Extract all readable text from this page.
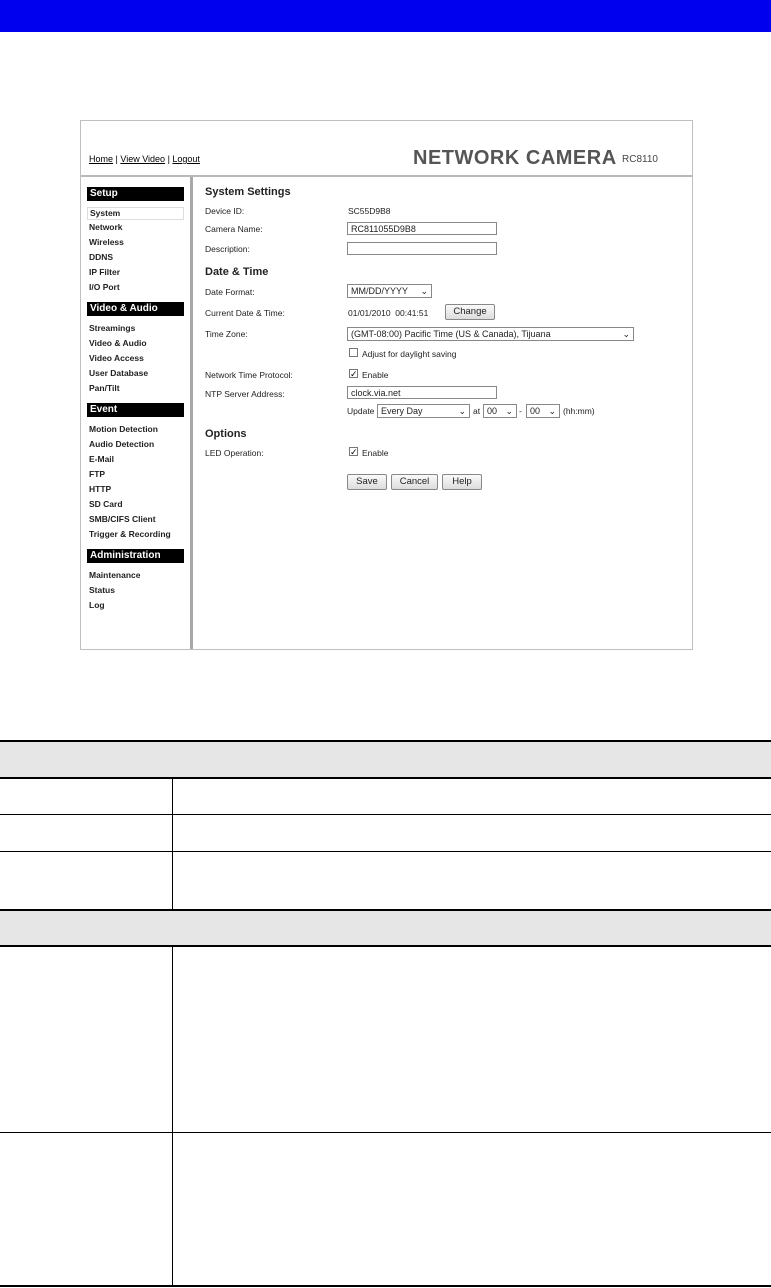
Home | View Video | Logout	NETWORK CAMERA RC8110
Setup
System
Network
Wireless
DDNS
IP Filter
I/O Port
Video & Audio
Streamings
Video & Audio
Video Access
User Database
Pan/Tilt
Event
Motion Detection
Audio Detection
E-Mail
FTP
HTTP
SD Card
SMB/CIFS Client
Trigger & Recording
Administration
Maintenance
Status
Log
System Settings
Device ID:	SC55D9B8
Camera Name:	RC811055D9B8
Description:
Date & Time
Date Format:	MM/DD/YYYY ⌄
Current Date & Time:	01/01/2010  00:41:51	Change
Time Zone:	(GMT-08:00) Pacific Time (US & Canada), Tijuana	⌄
Adjust for daylight saving
Network Time Protocol:	✓ Enable
NTP Server Address:	clock.via.net
Update Every Day	⌄ at 00 ⌄ - 00 ⌄ (hh:mm)
Options
LED Operation:	✓ Enable
Save	Cancel	Help
